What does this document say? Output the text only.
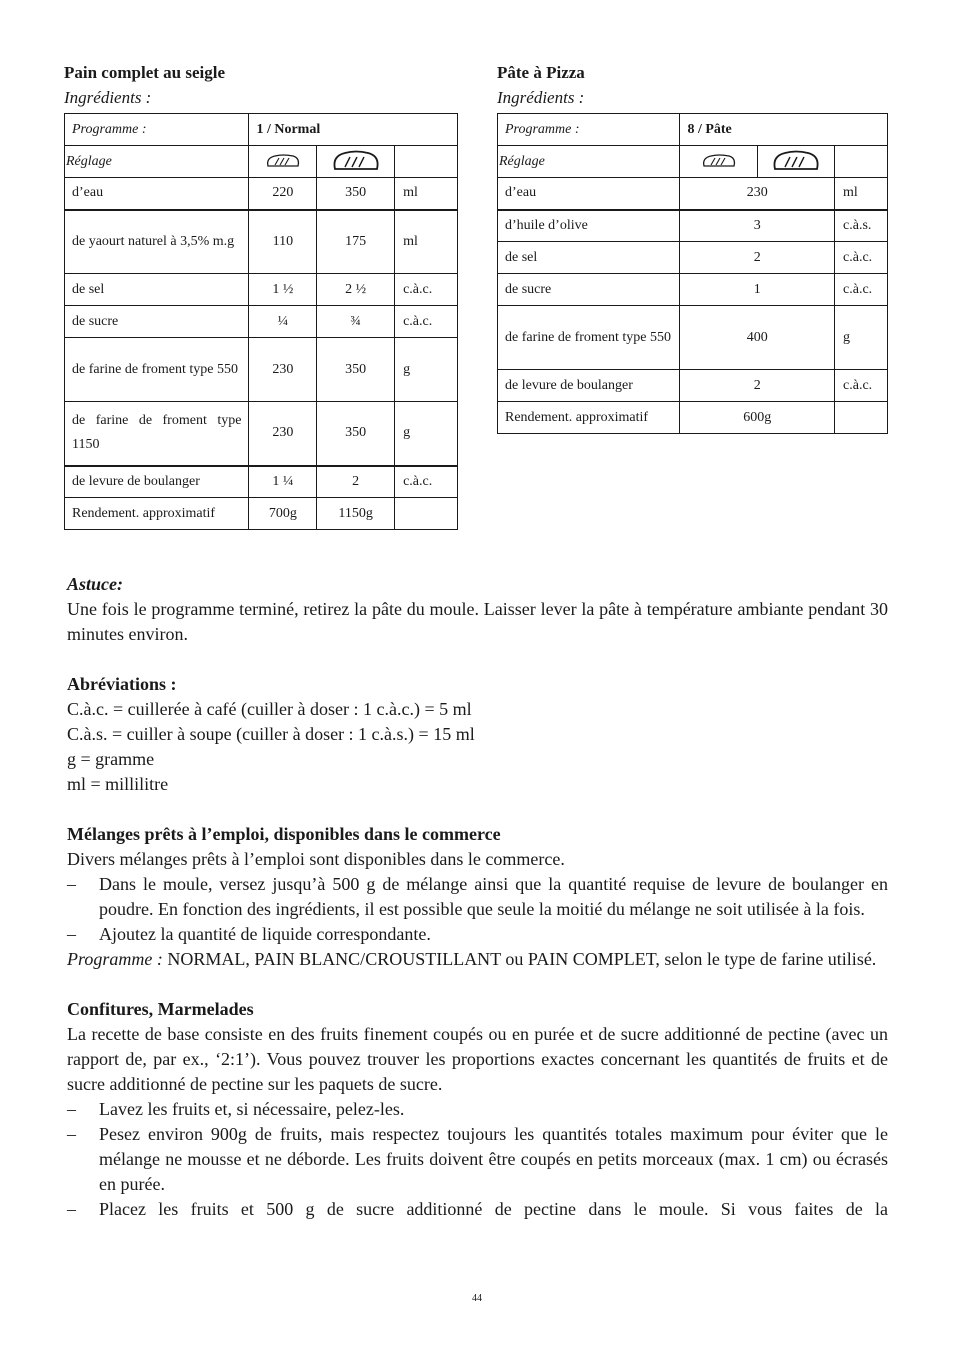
Pain complet au seigle
Ingrédients :
Programme :	1 / Normal		
Réglage			
d’eau	220	350	ml
de yaourt naturel à 3,5% m.g	110	175	ml
de sel	1 ½	2 ½	c.à.c.
de sucre	¼	¾	c.à.c.
de farine de froment type 550	230	350	g
de farine de froment type 1150	230	350	g
de levure de boulanger	1 ¼	2	c.à.c.
Rendement. approximatif	700g	1150g	
Pâte à Pizza
Ingrédients :
Programme :	8 / Pâte		
Réglage			
d’eau	230		ml
d’huile d’olive	3		c.à.s.
de sel	2		c.à.c.
de sucre	1		c.à.c.
de farine de froment type 550	400		g
de levure de boulanger	2		c.à.c.
Rendement. approximatif	600g		

Astuce:

Une fois le programme terminé, retirez la pâte du moule. Laisser lever la pâte à température ambiante pendant 30 minutes environ.

Abréviations :

C.à.c. = cuillerée à café (cuiller à doser : 1 c.à.c.) = 5 ml

C.à.s. = cuiller à soupe (cuiller à doser : 1 c.à.s.) = 15 ml

g = gramme

ml = millilitre

Mélanges prêts à l’emploi, disponibles dans le commerce

Divers mélanges prêts à l’emploi sont disponibles dans le commerce.

– Dans le moule, versez jusqu’à 500 g de mélange ainsi que la quantité requise de levure de boulanger en poudre. En fonction des ingrédients, il est possible que seule la moitié du mélange ne soit utilisée à la fois.
– Ajoutez la quantité de liquide correspondante.

Programme : NORMAL, PAIN BLANC/CROUSTILLANT ou PAIN COMPLET, selon le type de farine utilisé.

Confitures, Marmelades

La recette de base consiste en des fruits finement coupés ou en purée et de sucre additionné de pectine (avec un rapport de, par ex., ‘2:1’). Vous pouvez trouver les proportions exactes concernant les quantités de fruits et de sucre additionné de pectine sur les paquets de sucre.

– Lavez les fruits et, si nécessaire, pelez-les.
– Pesez environ 900g de fruits, mais respectez toujours les quantités totales maximum pour éviter que le mélange ne mousse et ne déborde. Les fruits doivent être coupés en petits morceaux (max. 1 cm) ou écrasés en purée.
– Placez les fruits et 500 g de sucre additionné de pectine dans le moule. Si vous faites de la
44
